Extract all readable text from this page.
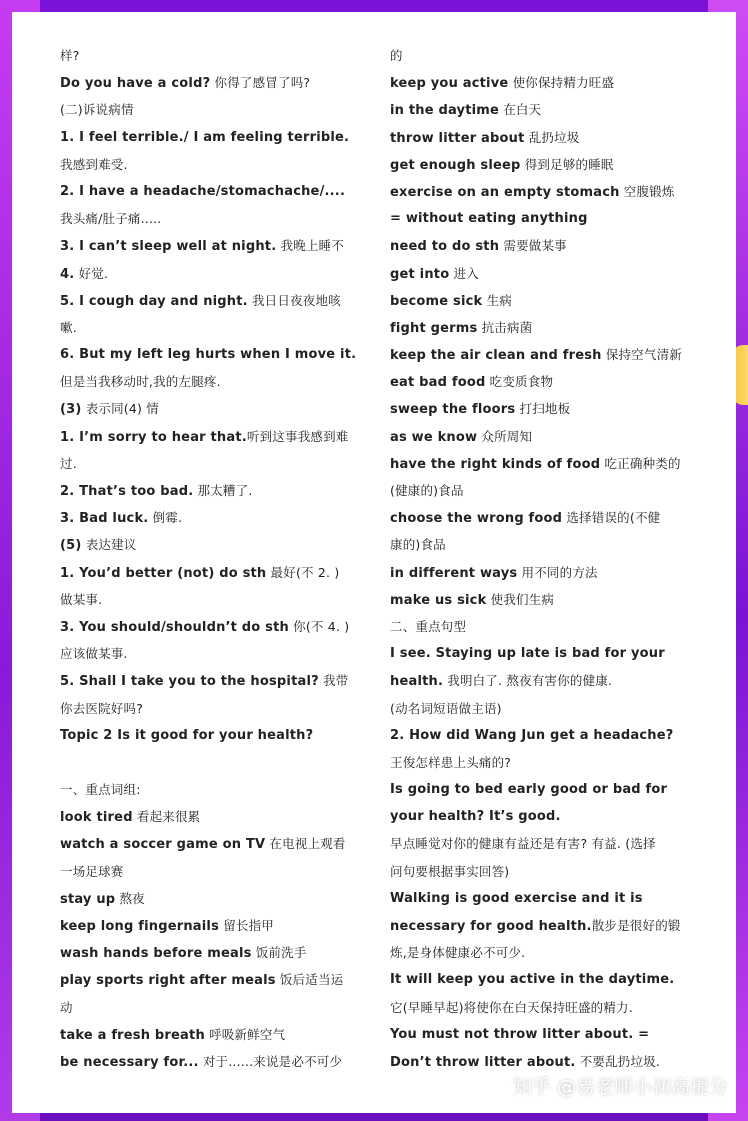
样?
Do you have a cold? 你得了感冒了吗?
(二)诉说病情
1. I feel terrible./ I am feeling terrible.
我感到难受.
2. I have a headache/stomachache/....
我头痛/肚子痛.....
3. I can’t sleep well at night. 我晚上睡不
4. 好觉.
5. I cough day and night. 我日日夜夜地咳
嗽.
6. But my left leg hurts when I move it.
但是当我移动时,我的左腿疼.
(3) 表示同(4) 情
1. I’m sorry to hear that.听到这事我感到难
过.
2. That’s too bad. 那太糟了.
3. Bad luck. 倒霉.
(5) 表达建议
1. You’d better (not) do sth 最好(不 2. )
做某事.
3. You should/shouldn’t do sth 你(不 4. )
应该做某事.
5. Shall I take you to the hospital? 我带
你去医院好吗?
Topic 2 Is it good for your health?
一、重点词组:
look tired 看起来很累
watch a soccer game on TV 在电视上观看
一场足球赛
stay up 熬夜
keep long fingernails 留长指甲
wash hands before meals 饭前洗手
play sports right after meals 饭后适当运
动
take a fresh breath 呼吸新鲜空气
be necessary for... 对于......来说是必不可少
的
keep you active 使你保持精力旺盛
in the daytime 在白天
throw litter about 乱扔垃圾
get enough sleep 得到足够的睡眠
exercise on an empty stomach 空腹锻炼
= without eating anything
need to do sth 需要做某事
get into 进入
become sick 生病
fight germs 抗击病菌
keep the air clean and fresh 保持空气清新
eat bad food 吃变质食物
sweep the floors 打扫地板
as we know 众所周知
have the right kinds of food 吃正确种类的
(健康的)食品
choose the wrong food 选择错误的(不健
康的)食品
in different ways 用不同的方法
make us sick 使我们生病
二、重点句型
I see. Staying up late is bad for your
health. 我明白了. 熬夜有害你的健康.
(动名词短语做主语)
2. How did Wang Jun get a headache?
王俊怎样患上头痛的?
Is going to bed early good or bad for
your health? It’s good.
早点睡觉对你的健康有益还是有害? 有益. (选择
问句要根据事实回答)
Walking is good exercise and it is
necessary for good health.散步是很好的锻
炼,是身体健康必不可少.
It will keep you active in the daytime.
它(早睡早起)将使你在白天保持旺盛的精力.
You must not throw litter about. =
Don’t throw litter about. 不要乱扔垃圾.
知乎 @易老师小初高提分
